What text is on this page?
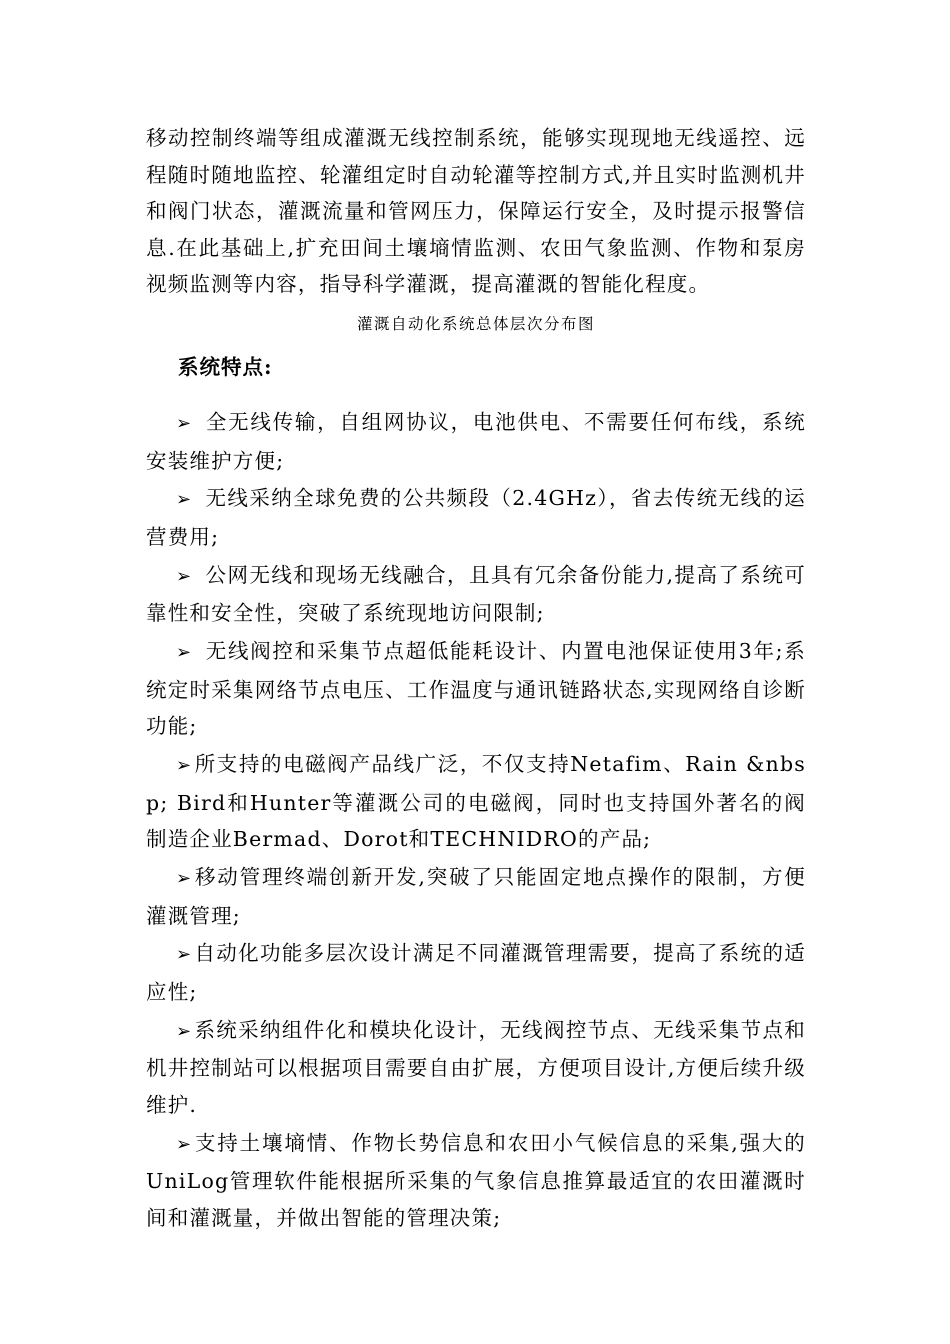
移动控制终端等组成灌溉无线控制系统，能够实现现地无线遥控、远程随时随地监控、轮灌组定时自动轮灌等控制方式,并且实时监测机井和阀门状态，灌溉流量和管网压力，保障运行安全，及时提示报警信息.在此基础上,扩充田间土壤墒情监测、农田气象监测、作物和泵房视频监测等内容，指导科学灌溉，提高灌溉的智能化程度。

灌溉自动化系统总体层次分布图

系统特点:
➢ 全无线传输，自组网协议，电池供电、不需要任何布线，系统安装维护方便;
➢ 无线采纳全球免费的公共频段（2.4GHz），省去传统无线的运营费用;
➢ 公网无线和现场无线融合，且具有冗余备份能力,提高了系统可靠性和安全性，突破了系统现地访问限制;
➢ 无线阀控和采集节点超低能耗设计、内置电池保证使用3年;系统定时采集网络节点电压、工作温度与通讯链路状态,实现网络自诊断功能;
➢所支持的电磁阀产品线广泛，不仅支持Netafim、Rain &nbsp; Bird和Hunter等灌溉公司的电磁阀，同时也支持国外著名的阀制造企业Bermad、Dorot和TECHNIDRO的产品;
➢移动管理终端创新开发,突破了只能固定地点操作的限制，方便灌溉管理;
➢自动化功能多层次设计满足不同灌溉管理需要，提高了系统的适应性;
➢系统采纳组件化和模块化设计，无线阀控节点、无线采集节点和机井控制站可以根据项目需要自由扩展，方便项目设计,方便后续升级维护.
➢支持土壤墒情、作物长势信息和农田小气候信息的采集,强大的UniLog管理软件能根据所采集的气象信息推算最适宜的农田灌溉时间和灌溉量，并做出智能的管理决策;
